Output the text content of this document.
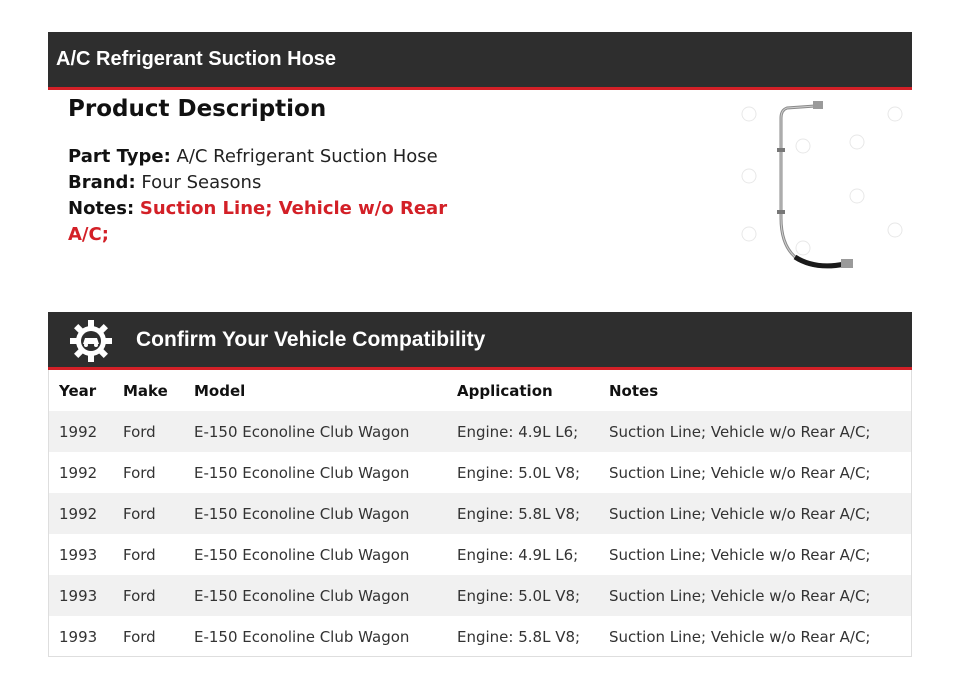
A/C Refrigerant Suction Hose
Product Description
Part Type: A/C Refrigerant Suction Hose
Brand: Four Seasons
Notes: Suction Line; Vehicle w/o Rear A/C;
Confirm Your Vehicle Compatibility
Year	Make	Model	Application	Notes
1992	Ford	E-150 Econoline Club Wagon	Engine: 4.9L L6;	Suction Line; Vehicle w/o Rear A/C;
1992	Ford	E-150 Econoline Club Wagon	Engine: 5.0L V8;	Suction Line; Vehicle w/o Rear A/C;
1992	Ford	E-150 Econoline Club Wagon	Engine: 5.8L V8;	Suction Line; Vehicle w/o Rear A/C;
1993	Ford	E-150 Econoline Club Wagon	Engine: 4.9L L6;	Suction Line; Vehicle w/o Rear A/C;
1993	Ford	E-150 Econoline Club Wagon	Engine: 5.0L V8;	Suction Line; Vehicle w/o Rear A/C;
1993	Ford	E-150 Econoline Club Wagon	Engine: 5.8L V8;	Suction Line; Vehicle w/o Rear A/C;
